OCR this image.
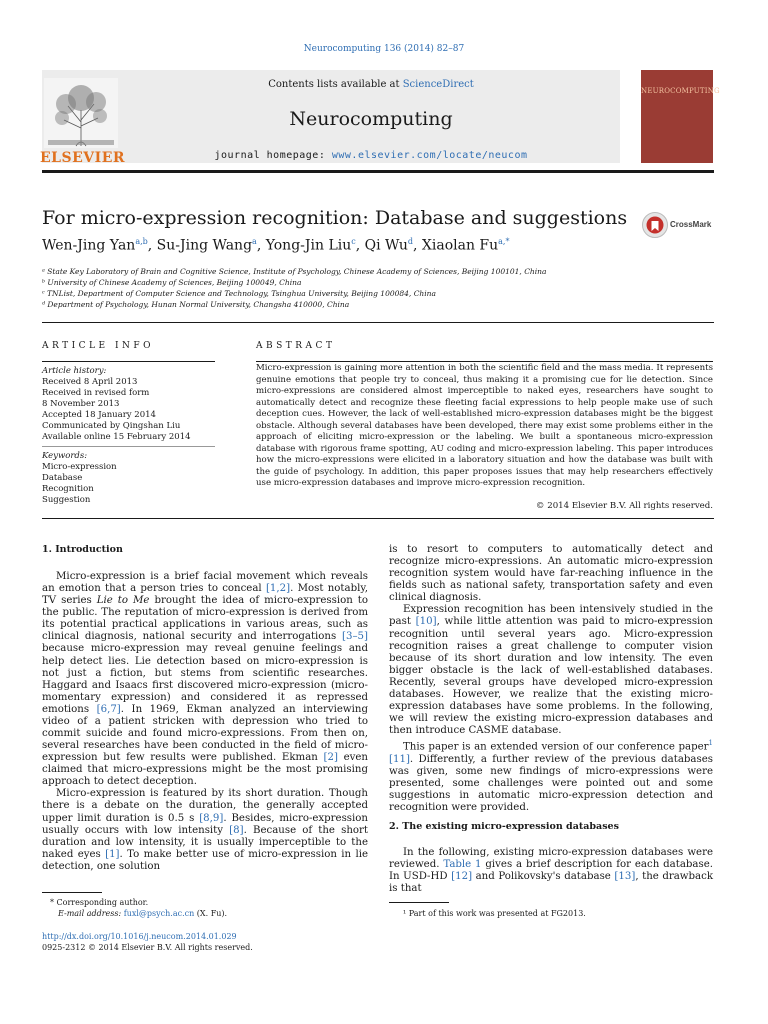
Neurocomputing 136 (2014) 82–87
ELSEVIER
Contents lists available at ScienceDirect
Neurocomputing
journal homepage: www.elsevier.com/locate/neucom
NEUROCOMPUTING
For micro-expression recognition: Database and suggestions	CrossMark
Wen-Jing Yan$^{a,b}$, Su-Jing Wang$^a$, Yong-Jin Liu$^c$, Qi Wu$^d$, Xiaolan $Fu^{a,*}$
ᵃ State Key Laboratory of Brain and Cognitive Science, Institute of Psychology, Chinese Academy of Sciences, Beijing 100101, China
ᵇ University of Chinese Academy of Sciences, Beijing 100049, China
ᶜ TNList, Department of Computer Science and Technology, Tsinghua University, Beijing 100084, China
ᵈ Department of Psychology, Hunan Normal University, Changsha 410000, China
ARTICLE INFO
Article history:
Received 8 April 2013
Received in revised form
8 November 2013
Accepted 18 January 2014
Communicated by Qingshan Liu
Available online 15 February 2014
Keywords:
Micro-expression
Database
Recognition
Suggestion
ABSTRACT
Micro-expression is gaining more attention in both the scientific field and the mass media. It represents genuine emotions that people try to conceal, thus making it a promising cue for lie detection. Since micro-expressions are considered almost imperceptible to naked eyes, researchers have sought to automatically detect and recognize these fleeting facial expressions to help people make use of such deception cues. However, the lack of well-established micro-expression databases might be the biggest obstacle. Although several databases have been developed, there may exist some problems either in the approach of eliciting micro-expression or the labeling. We built a spontaneous micro-expression database with rigorous frame spotting, AU coding and micro-expression labeling. This paper introduces how the micro-expressions were elicited in a laboratory situation and how the database was built with the guide of psychology. In addition, this paper proposes issues that may help researchers effectively use micro-expression databases and improve micro-expression recognition.
© 2014 Elsevier B.V. All rights reserved.

1. Introduction

Micro-expression is a brief facial movement which reveals an emotion that a person tries to conceal [1,2]. Most notably, TV series Lie to Me brought the idea of micro-expression to the public. The reputation of micro-expression is derived from its potential practical applications in various areas, such as clinical diagnosis, national security and interrogations [3–5] because micro-expression may reveal genuine feelings and help detect lies. Lie detection based on micro-expression is not just a fiction, but stems from scientific researches. Haggard and Isaacs first discovered micro-expression (micro-momentary expression) and considered it as repressed emotions [6,7]. In 1969, Ekman analyzed an interviewing video of a patient stricken with depression who tried to commit suicide and found micro-expressions. From then on, several researches have been conducted in the field of micro-expression but few results were published. Ekman [2] even claimed that micro-expressions might be the most promising approach to detect deception.

Micro-expression is featured by its short duration. Though there is a debate on the duration, the generally accepted upper limit duration is 0.5 s [8,9]. Besides, micro-expression usually occurs with low intensity [8]. Because of the short duration and low intensity, it is usually imperceptible to the naked eyes [1]. To make better use of micro-expression in lie detection, one solution

is to resort to computers to automatically detect and recognize micro-expressions. An automatic micro-expression recognition system would have far-reaching influence in the fields such as national safety, transportation safety and even clinical diagnosis.

Expression recognition has been intensively studied in the past [10], while little attention was paid to micro-expression recognition until several years ago. Micro-expression recognition raises a great challenge to computer vision because of its short duration and low intensity. The even bigger obstacle is the lack of well-established databases. Recently, several groups have developed micro-expression databases. However, we realize that the existing micro-expression databases have some problems. In the following, we will review the existing micro-expression databases and then introduce CASME database.

This paper is an extended version of our conference paper$^1$ [11]. Differently, a further review of the previous databases was given, some new findings of micro-expressions were presented, some challenges were pointed out and some suggestions in automatic micro-expression detection and recognition were provided.

2. The existing micro-expression databases

In the following, existing micro-expression databases were reviewed. Table 1 gives a brief description for each database. In USD-HD [12] and Polikovsky's database [13], the drawback is that

* Corresponding author.
E-mail address: fuxl@psych.ac.cn (X. Fu).
http://dx.doi.org/10.1016/j.neucom.2014.01.029
0925-2312 © 2014 Elsevier B.V. All rights reserved.
¹ Part of this work was presented at FG2013.
